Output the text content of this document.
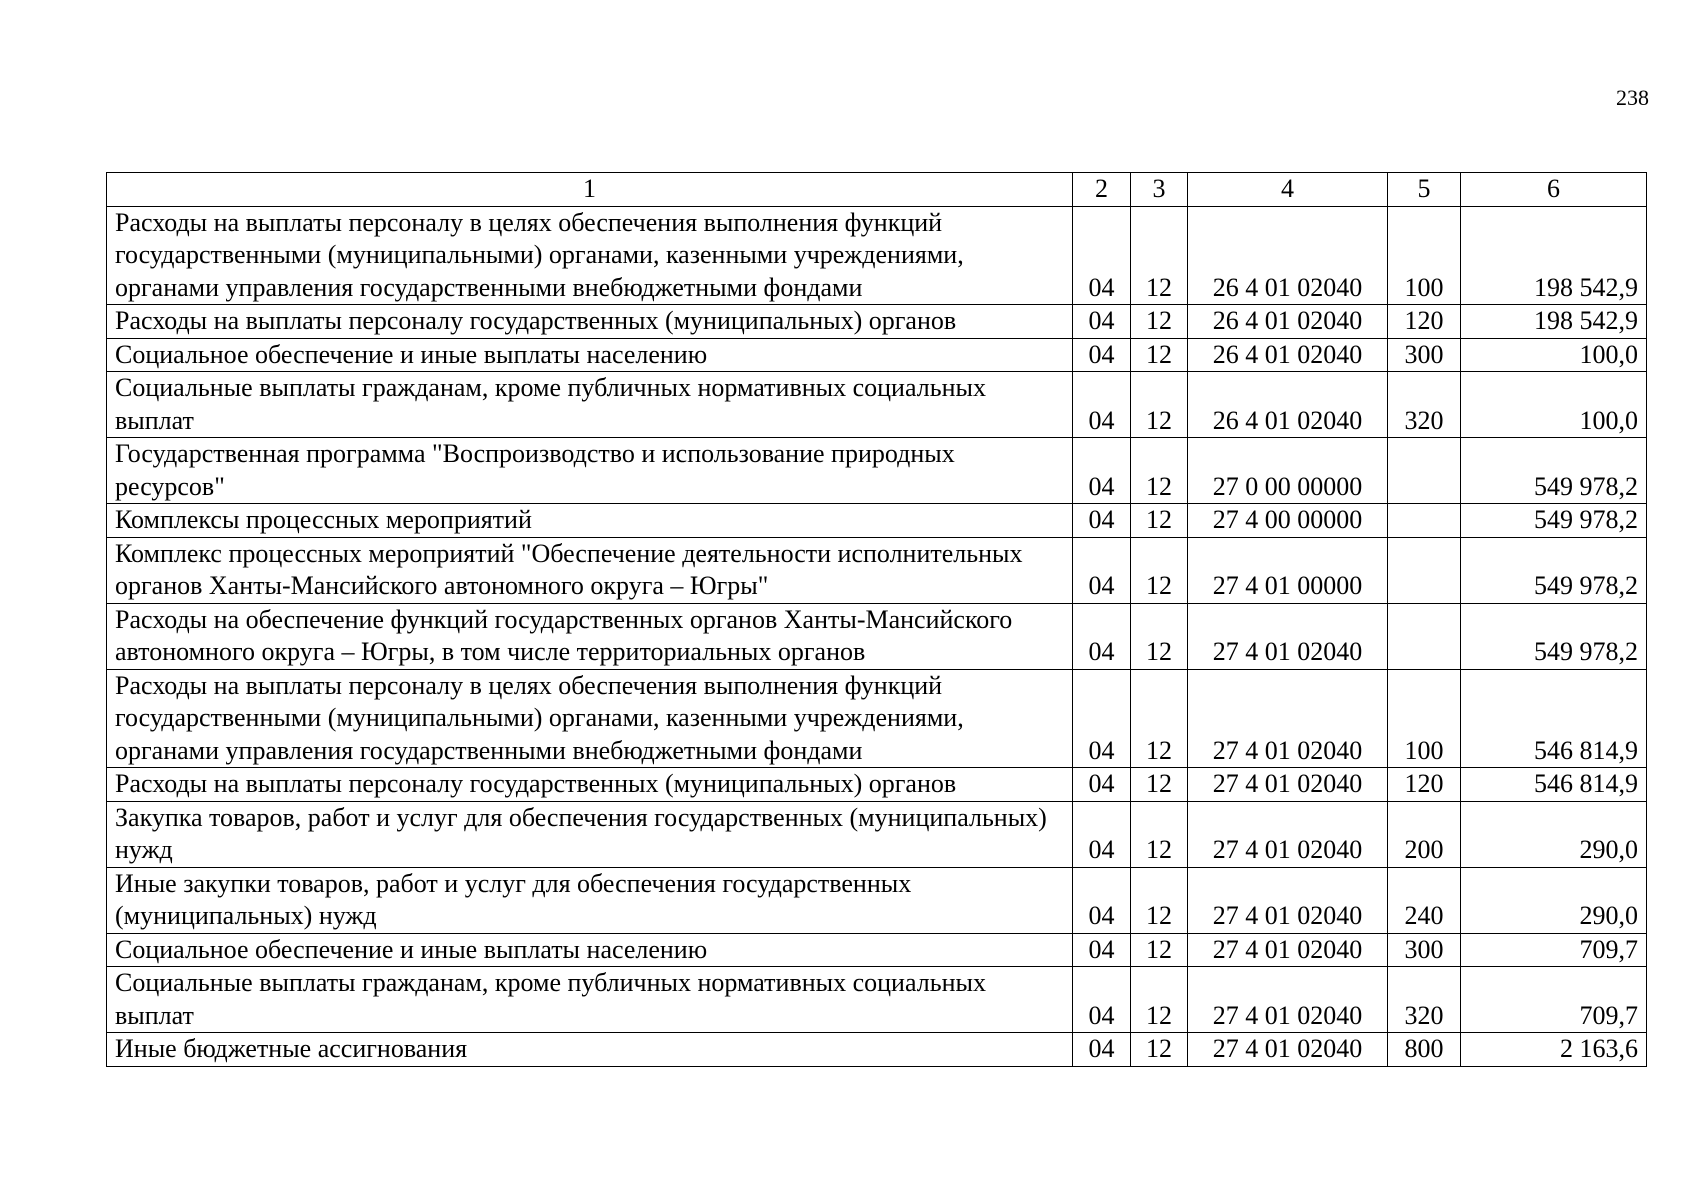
238
1	2	3	4	5	6
Расходы на выплаты персоналу в целях обеспечения выполнения функций государственными (муниципальными) органами, казенными учреждениями, органами управления государственными внебюджетными фондами	04	12	26 4 01 02040	100	198 542,9
Расходы на выплаты персоналу государственных (муниципальных) органов	04	12	26 4 01 02040	120	198 542,9
Социальное обеспечение и иные выплаты населению	04	12	26 4 01 02040	300	100,0
Социальные выплаты гражданам, кроме публичных нормативных социальных выплат	04	12	26 4 01 02040	320	100,0
Государственная программа "Воспроизводство и использование природных ресурсов"	04	12	27 0 00 00000		549 978,2
Комплексы процессных мероприятий	04	12	27 4 00 00000		549 978,2
Комплекс процессных мероприятий "Обеспечение деятельности исполнительных органов Ханты-Мансийского автономного округа – Югры"	04	12	27 4 01 00000		549 978,2
Расходы на обеспечение функций государственных органов Ханты-Мансийского автономного округа – Югры, в том числе территориальных органов	04	12	27 4 01 02040		549 978,2
Расходы на выплаты персоналу в целях обеспечения выполнения функций государственными (муниципальными) органами, казенными учреждениями, органами управления государственными внебюджетными фондами	04	12	27 4 01 02040	100	546 814,9
Расходы на выплаты персоналу государственных (муниципальных) органов	04	12	27 4 01 02040	120	546 814,9
Закупка товаров, работ и услуг для обеспечения государственных (муниципальных) нужд	04	12	27 4 01 02040	200	290,0
Иные закупки товаров, работ и услуг для обеспечения государственных (муниципальных) нужд	04	12	27 4 01 02040	240	290,0
Социальное обеспечение и иные выплаты населению	04	12	27 4 01 02040	300	709,7
Социальные выплаты гражданам, кроме публичных нормативных социальных выплат	04	12	27 4 01 02040	320	709,7
Иные бюджетные ассигнования	04	12	27 4 01 02040	800	2 163,6
